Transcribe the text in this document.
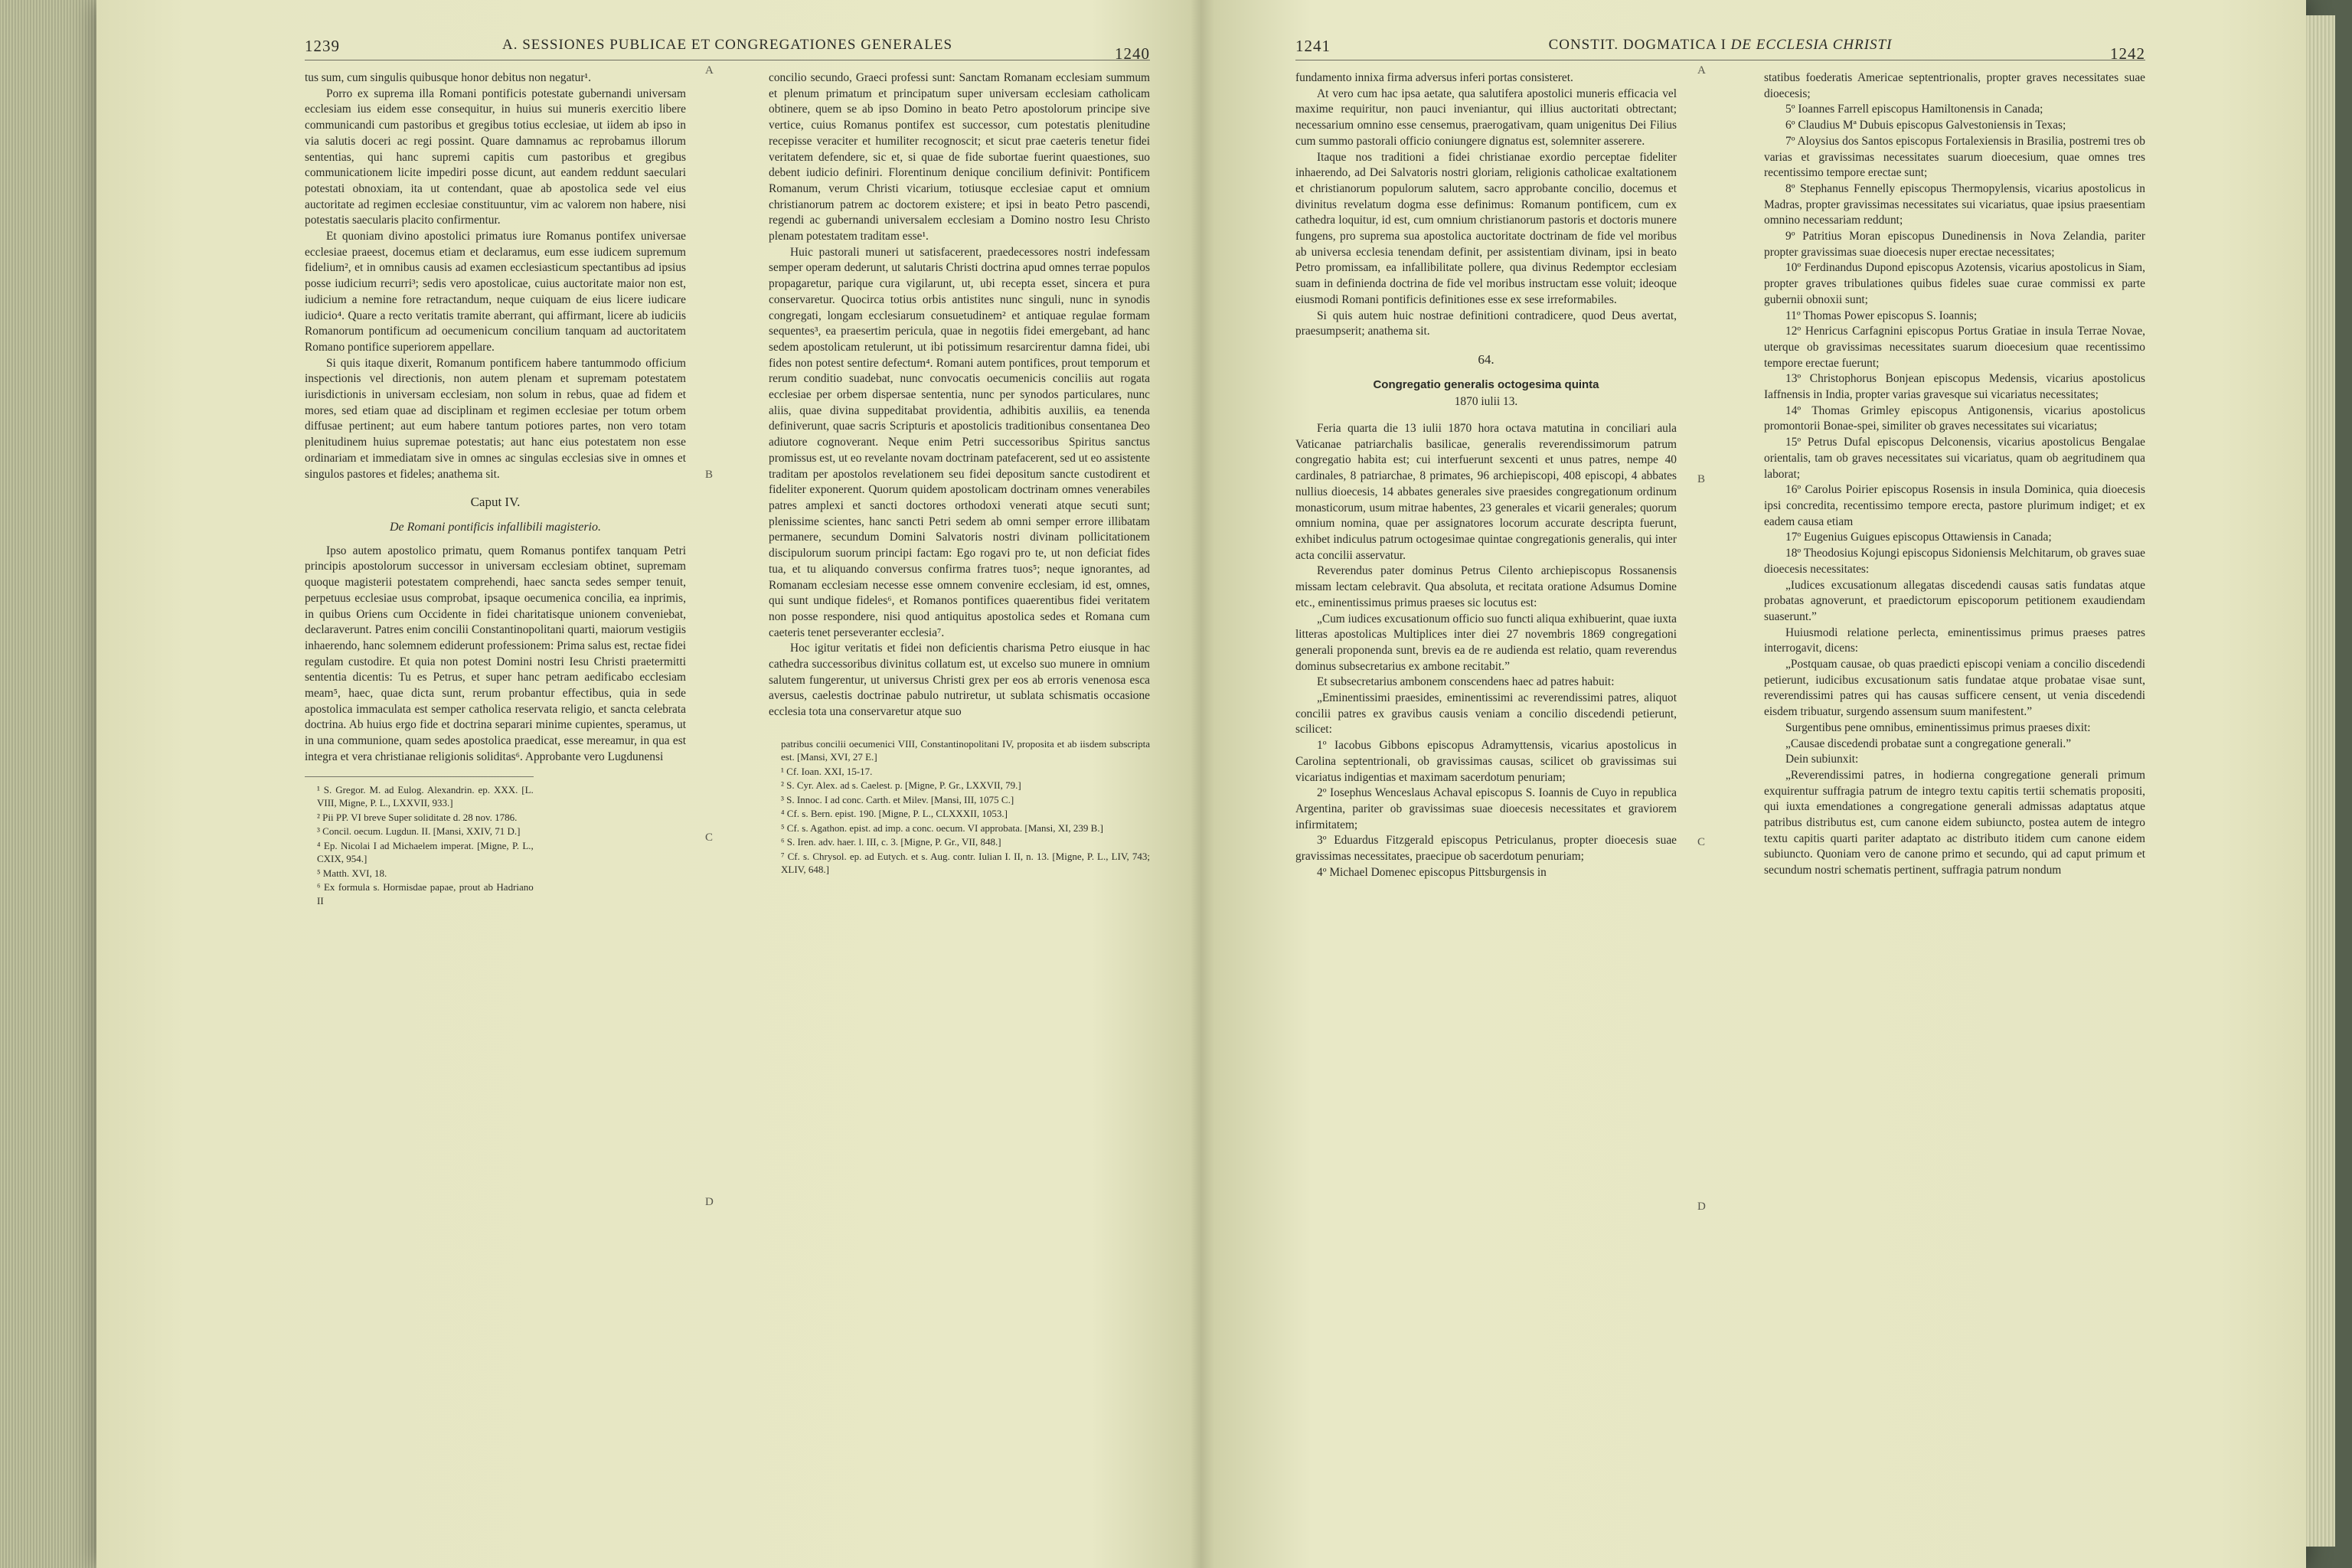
1239	A. SESSIONES PUBLICAE ET CONGREGATIONES GENERALES	1240

tus sum, cum singulis quibusque honor debitus non negatur¹.

Porro ex suprema illa Romani pontificis potestate gubernandi universam ecclesiam ius eidem esse consequitur, in huius sui muneris exercitio libere communicandi cum pastoribus et gregibus totius ecclesiae, ut iidem ab ipso in via salutis doceri ac regi possint. Quare damnamus ac reprobamus illorum sententias, qui hanc supremi capitis cum pastoribus et gregibus communicationem licite impediri posse dicunt, aut eandem reddunt saeculari potestati obnoxiam, ita ut contendant, quae ab apostolica sede vel eius auctoritate ad regimen ecclesiae constituuntur, vim ac valorem non habere, nisi potestatis saecularis placito confirmentur.

Et quoniam divino apostolici primatus iure Romanus pontifex universae ecclesiae praeest, docemus etiam et declaramus, eum esse iudicem supremum fidelium², et in omnibus causis ad examen ecclesiasticum spectantibus ad ipsius posse iudicium recurri³; sedis vero apostolicae, cuius auctoritate maior non est, iudicium a nemine fore retractandum, neque cuiquam de eius licere iudicare iudicio⁴. Quare a recto veritatis tramite aberrant, qui affirmant, licere ab iudiciis Romanorum pontificum ad oecumenicum concilium tanquam ad auctoritatem Romano pontifice superiorem appellare.

Si quis itaque dixerit, Romanum pontificem habere tantummodo officium inspectionis vel directionis, non autem plenam et supremam potestatem iurisdictionis in universam ecclesiam, non solum in rebus, quae ad fidem et mores, sed etiam quae ad disciplinam et regimen ecclesiae per totum orbem diffusae pertinent; aut eum habere tantum potiores partes, non vero totam plenitudinem huius supremae potestatis; aut hanc eius potestatem non esse ordinariam et immediatam sive in omnes ac singulas ecclesias sive in omnes et singulos pastores et fideles; anathema sit.

Caput IV.

De Romani pontificis infallibili magisterio.

Ipso autem apostolico primatu, quem Romanus pontifex tanquam Petri principis apostolorum successor in universam ecclesiam obtinet, supremam quoque magisterii potestatem comprehendi, haec sancta sedes semper tenuit, perpetuus ecclesiae usus comprobat, ipsaque oecumenica concilia, ea inprimis, in quibus Oriens cum Occidente in fidei charitatisque unionem conveniebat, declaraverunt. Patres enim concilii Constantinopolitani quarti, maiorum vestigiis inhaerendo, hanc solemnem ediderunt professionem: Prima salus est, rectae fidei regulam custodire. Et quia non potest Domini nostri Iesu Christi praetermitti sententia dicentis: Tu es Petrus, et super hanc petram aedificabo ecclesiam meam⁵, haec, quae dicta sunt, rerum probantur effectibus, quia in sede apostolica immaculata est semper catholica reservata religio, et sancta celebrata doctrina. Ab huius ergo fide et doctrina separari minime cupientes, speramus, ut in una communione, quam sedes apostolica praedicat, esse mereamur, in qua est integra et vera christianae religionis soliditas⁶. Approbante vero Lugdunensi

¹ S. Gregor. M. ad Eulog. Alexandrin. ep. XXX. [L. VIII, Migne, P. L., LXXVII, 933.]

² Pii PP. VI breve Super soliditate d. 28 nov. 1786.

³ Concil. oecum. Lugdun. II. [Mansi, XXIV, 71 D.]

⁴ Ep. Nicolai I ad Michaelem imperat. [Migne, P. L., CXIX, 954.]

⁵ Matth. XVI, 18.

⁶ Ex formula s. Hormisdae papae, prout ab Hadriano II

concilio secundo, Graeci professi sunt: Sanctam Romanam ecclesiam summum et plenum primatum et principatum super universam ecclesiam catholicam obtinere, quem se ab ipso Domino in beato Petro apostolorum principe sive vertice, cuius Romanus pontifex est successor, cum potestatis plenitudine recepisse veraciter et humiliter recognoscit; et sicut prae caeteris tenetur fidei veritatem defendere, sic et, si quae de fide subortae fuerint quaestiones, suo debent iudicio definiri. Florentinum denique concilium definivit: Pontificem Romanum, verum Christi vicarium, totiusque ecclesiae caput et omnium christianorum patrem ac doctorem existere; et ipsi in beato Petro pascendi, regendi ac gubernandi universalem ecclesiam a Domino nostro Iesu Christo plenam potestatem traditam esse¹.

Huic pastorali muneri ut satisfacerent, praedecessores nostri indefessam semper operam dederunt, ut salutaris Christi doctrina apud omnes terrae populos propagaretur, parique cura vigilarunt, ut, ubi recepta esset, sincera et pura conservaretur. Quocirca totius orbis antistites nunc singuli, nunc in synodis congregati, longam ecclesiarum consuetudinem² et antiquae regulae formam sequentes³, ea praesertim pericula, quae in negotiis fidei emergebant, ad hanc sedem apostolicam retulerunt, ut ibi potissimum resarcirentur damna fidei, ubi fides non potest sentire defectum⁴. Romani autem pontifices, prout temporum et rerum conditio suadebat, nunc convocatis oecumenicis conciliis aut rogata ecclesiae per orbem dispersae sententia, nunc per synodos particulares, nunc aliis, quae divina suppeditabat providentia, adhibitis auxiliis, ea tenenda definiverunt, quae sacris Scripturis et apostolicis traditionibus consentanea Deo adiutore cognoverant. Neque enim Petri successoribus Spiritus sanctus promissus est, ut eo revelante novam doctrinam patefacerent, sed ut eo assistente traditam per apostolos revelationem seu fidei depositum sancte custodirent et fideliter exponerent. Quorum quidem apostolicam doctrinam omnes venerabiles patres amplexi et sancti doctores orthodoxi venerati atque secuti sunt; plenissime scientes, hanc sancti Petri sedem ab omni semper errore illibatam permanere, secundum Domini Salvatoris nostri divinam pollicitationem discipulorum suorum principi factam: Ego rogavi pro te, ut non deficiat fides tua, et tu aliquando conversus confirma fratres tuos⁵; neque ignorantes, ad Romanam ecclesiam necesse esse omnem convenire ecclesiam, id est, omnes, qui sunt undique fideles⁶, et Romanos pontifices quaerentibus fidei veritatem non posse respondere, nisi quod antiquitus apostolica sedes et Romana cum caeteris tenet perseveranter ecclesia⁷.

Hoc igitur veritatis et fidei non deficientis charisma Petro eiusque in hac cathedra successoribus divinitus collatum est, ut excelso suo munere in omnium salutem fungerentur, ut universus Christi grex per eos ab erroris venenosa esca aversus, caelestis doctrinae pabulo nutriretur, ut sublata schismatis occasione ecclesia tota una conservaretur atque suo

patribus concilii oecumenici VIII, Constantinopolitani IV, proposita et ab iisdem subscripta est. [Mansi, XVI, 27 E.]

¹ Cf. Ioan. XXI, 15-17.

² S. Cyr. Alex. ad s. Caelest. p. [Migne, P. Gr., LXXVII, 79.]

³ S. Innoc. I ad conc. Carth. et Milev. [Mansi, III, 1075 C.]

⁴ Cf. s. Bern. epist. 190. [Migne, P. L., CLXXXII, 1053.]

⁵ Cf. s. Agathon. epist. ad imp. a conc. oecum. VI approbata. [Mansi, XI, 239 B.]

⁶ S. Iren. adv. haer. l. III, c. 3. [Migne, P. Gr., VII, 848.]

⁷ Cf. s. Chrysol. ep. ad Eutych. et s. Aug. contr. Iulian I. II, n. 13. [Migne, P. L., LIV, 743; XLIV, 648.]

A
B
C
D
1241	CONSTIT. DOGMATICA I DE ECCLESIA CHRISTI	1242

fundamento innixa firma adversus inferi portas consisteret.

At vero cum hac ipsa aetate, qua salutifera apostolici muneris efficacia vel maxime requiritur, non pauci inveniantur, qui illius auctoritati obtrectant; necessarium omnino esse censemus, praerogativam, quam unigenitus Dei Filius cum summo pastorali officio coniungere dignatus est, solemniter asserere.

Itaque nos traditioni a fidei christianae exordio perceptae fideliter inhaerendo, ad Dei Salvatoris nostri gloriam, religionis catholicae exaltationem et christianorum populorum salutem, sacro approbante concilio, docemus et divinitus revelatum dogma esse definimus: Romanum pontificem, cum ex cathedra loquitur, id est, cum omnium christianorum pastoris et doctoris munere fungens, pro suprema sua apostolica auctoritate doctrinam de fide vel moribus ab universa ecclesia tenendam definit, per assistentiam divinam, ipsi in beato Petro promissam, ea infallibilitate pollere, qua divinus Redemptor ecclesiam suam in definienda doctrina de fide vel moribus instructam esse voluit; ideoque eiusmodi Romani pontificis definitiones esse ex sese irreformabiles.

Si quis autem huic nostrae definitioni contradicere, quod Deus avertat, praesumpserit; anathema sit.

64.

Congregatio generalis octogesima quinta

1870 iulii 13.

Feria quarta die 13 iulii 1870 hora octava matutina in conciliari aula Vaticanae patriarchalis basilicae, generalis reverendissimorum patrum congregatio habita est; cui interfuerunt sexcenti et unus patres, nempe 40 cardinales, 8 patriarchae, 8 primates, 96 archiepiscopi, 408 episcopi, 4 abbates nullius dioecesis, 14 abbates generales sive praesides congregationum ordinum monasticorum, usum mitrae habentes, 23 generales et vicarii generales; quorum omnium nomina, quae per assignatores locorum accurate descripta fuerunt, exhibet indiculus patrum octogesimae quintae congregationis generalis, qui inter acta concilii asservatur.

Reverendus pater dominus Petrus Cilento archiepiscopus Rossanensis missam lectam celebravit. Qua absoluta, et recitata oratione Adsumus Domine etc., eminentissimus primus praeses sic locutus est:

„Cum iudices excusationum officio suo functi aliqua exhibuerint, quae iuxta litteras apostolicas Multiplices inter diei 27 novembris 1869 congregationi generali proponenda sunt, brevis ea de re audienda est relatio, quam reverendus dominus subsecretarius ex ambone recitabit.”

Et subsecretarius ambonem conscendens haec ad patres habuit:

„Eminentissimi praesides, eminentissimi ac reverendissimi patres, aliquot concilii patres ex gravibus causis veniam a concilio discedendi petierunt, scilicet:

1º Iacobus Gibbons episcopus Adramyttensis, vicarius apostolicus in Carolina septentrionali, ob gravissimas causas, scilicet ob gravissimas sui vicariatus indigentias et maximam sacerdotum penuriam;

2º Iosephus Wenceslaus Achaval episcopus S. Ioannis de Cuyo in republica Argentina, pariter ob gravissimas suae dioecesis necessitates et graviorem infirmitatem;

3º Eduardus Fitzgerald episcopus Petriculanus, propter dioecesis suae gravissimas necessitates, praecipue ob sacerdotum penuriam;

4º Michael Domenec episcopus Pittsburgensis in

statibus foederatis Americae septentrionalis, propter graves necessitates suae dioecesis;

5º Ioannes Farrell episcopus Hamiltonensis in Canada;

6º Claudius Mª Dubuis episcopus Galvestoniensis in Texas;

7º Aloysius dos Santos episcopus Fortalexiensis in Brasilia, postremi tres ob varias et gravissimas necessitates suarum dioecesium, quae omnes tres recentissimo tempore erectae sunt;

8º Stephanus Fennelly episcopus Thermopylensis, vicarius apostolicus in Madras, propter gravissimas necessitates sui vicariatus, quae ipsius praesentiam omnino necessariam reddunt;

9º Patritius Moran episcopus Dunedinensis in Nova Zelandia, pariter propter gravissimas suae dioecesis nuper erectae necessitates;

10º Ferdinandus Dupond episcopus Azotensis, vicarius apostolicus in Siam, propter graves tribulationes quibus fideles suae curae commissi ex parte gubernii obnoxii sunt;

11º Thomas Power episcopus S. Ioannis;

12º Henricus Carfagnini episcopus Portus Gratiae in insula Terrae Novae, uterque ob gravissimas necessitates suarum dioecesium quae recentissimo tempore erectae fuerunt;

13º Christophorus Bonjean episcopus Medensis, vicarius apostolicus Iaffnensis in India, propter varias gravesque sui vicariatus necessitates;

14º Thomas Grimley episcopus Antigonensis, vicarius apostolicus promontorii Bonae-spei, similiter ob graves necessitates sui vicariatus;

15º Petrus Dufal episcopus Delconensis, vicarius apostolicus Bengalae orientalis, tam ob graves necessitates sui vicariatus, quam ob aegritudinem qua laborat;

16º Carolus Poirier episcopus Rosensis in insula Dominica, quia dioecesis ipsi concredita, recentissimo tempore erecta, pastore plurimum indiget; et ex eadem causa etiam

17º Eugenius Guigues episcopus Ottawiensis in Canada;

18º Theodosius Kojungi episcopus Sidoniensis Melchitarum, ob graves suae dioecesis necessitates:

„Iudices excusationum allegatas discedendi causas satis fundatas atque probatas agnoverunt, et praedictorum episcoporum petitionem exaudiendam suaserunt.”

Huiusmodi relatione perlecta, eminentissimus primus praeses patres interrogavit, dicens:

„Postquam causae, ob quas praedicti episcopi veniam a concilio discedendi petierunt, iudicibus excusationum satis fundatae atque probatae visae sunt, reverendissimi patres qui has causas sufficere censent, ut venia discedendi eisdem tribuatur, surgendo assensum suum manifestent.”

Surgentibus pene omnibus, eminentissimus primus praeses dixit:

„Causae discedendi probatae sunt a congregatione generali.”

Dein subiunxit:

„Reverendissimi patres, in hodierna congregatione generali primum exquirentur suffragia patrum de integro textu capitis tertii schematis propositi, qui iuxta emendationes a congregatione generali admissas adaptatus atque patribus distributus est, cum canone eidem subiuncto, postea autem de integro textu capitis quarti pariter adaptato ac distributo itidem cum canone eidem subiuncto. Quoniam vero de canone primo et secundo, qui ad caput primum et secundum nostri schematis pertinent, suffragia patrum nondum

A
B
C
D
